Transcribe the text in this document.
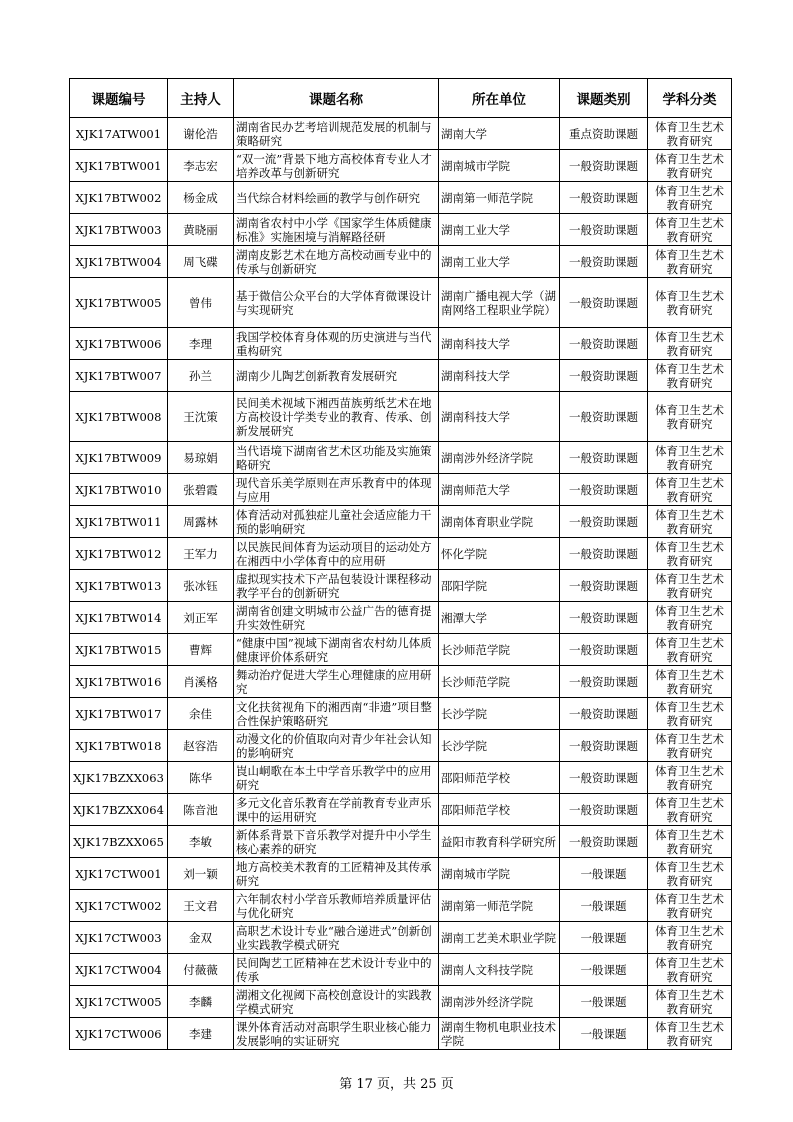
课题编号	主持人	课题名称	所在单位	课题类别	学科分类
XJK17ATW001	谢伦浩	湖南省民办艺考培训规范发展的机制与策略研究	湖南大学	重点资助课题	体育卫生艺术教育研究
XJK17BTW001	李志宏	“双一流”背景下地方高校体育专业人才培养改革与创新研究	湖南城市学院	一般资助课题	体育卫生艺术教育研究
XJK17BTW002	杨金成	当代综合材料绘画的教学与创作研究	湖南第一师范学院	一般资助课题	体育卫生艺术教育研究
XJK17BTW003	黄晓丽	湖南省农村中小学《国家学生体质健康标准》实施困境与消解路径研	湖南工业大学	一般资助课题	体育卫生艺术教育研究
XJK17BTW004	周飞碟	湖南皮影艺术在地方高校动画专业中的传承与创新研究	湖南工业大学	一般资助课题	体育卫生艺术教育研究
XJK17BTW005	曾伟	基于微信公众平台的大学体育微课设计与实现研究	湖南广播电视大学（湖南网络工程职业学院）	一般资助课题	体育卫生艺术教育研究
XJK17BTW006	李理	我国学校体育身体观的历史演进与当代重构研究	湖南科技大学	一般资助课题	体育卫生艺术教育研究
XJK17BTW007	孙兰	湖南少儿陶艺创新教育发展研究	湖南科技大学	一般资助课题	体育卫生艺术教育研究
XJK17BTW008	王沈策	民间美术视域下湘西苗族剪纸艺术在地方高校设计学类专业的教育、传承、创新发展研究	湖南科技大学	一般资助课题	体育卫生艺术教育研究
XJK17BTW009	易琼娟	当代语境下湖南省艺术区功能及实施策略研究	湖南涉外经济学院	一般资助课题	体育卫生艺术教育研究
XJK17BTW010	张碧霞	现代音乐美学原则在声乐教育中的体现与应用	湖南师范大学	一般资助课题	体育卫生艺术教育研究
XJK17BTW011	周露林	体育活动对孤独症儿童社会适应能力干预的影响研究	湖南体育职业学院	一般资助课题	体育卫生艺术教育研究
XJK17BTW012	王军力	以民族民间体育为运动项目的运动处方在湘西中小学体育中的应用研	怀化学院	一般资助课题	体育卫生艺术教育研究
XJK17BTW013	张冰钰	虚拟现实技术下产品包装设计课程移动教学平台的创新研究	邵阳学院	一般资助课题	体育卫生艺术教育研究
XJK17BTW014	刘正军	湖南省创建文明城市公益广告的德育提升实效性研究	湘潭大学	一般资助课题	体育卫生艺术教育研究
XJK17BTW015	曹辉	“健康中国”视域下湖南省农村幼儿体质健康评价体系研究	长沙师范学院	一般资助课题	体育卫生艺术教育研究
XJK17BTW016	肖溪格	舞动治疗促进大学生心理健康的应用研究	长沙师范学院	一般资助课题	体育卫生艺术教育研究
XJK17BTW017	余佳	文化扶贫视角下的湘西南“非遗”项目整合性保护策略研究	长沙学院	一般资助课题	体育卫生艺术教育研究
XJK17BTW018	赵容浩	动漫文化的价值取向对青少年社会认知的影响研究	长沙学院	一般资助课题	体育卫生艺术教育研究
XJK17BZXX063	陈华	崀山峒歌在本土中学音乐教学中的应用研究	邵阳师范学校	一般资助课题	体育卫生艺术教育研究
XJK17BZXX064	陈音池	多元文化音乐教育在学前教育专业声乐课中的运用研究	邵阳师范学校	一般资助课题	体育卫生艺术教育研究
XJK17BZXX065	李敏	新体系背景下音乐教学对提升中小学生核心素养的研究	益阳市教育科学研究所	一般资助课题	体育卫生艺术教育研究
XJK17CTW001	刘一颖	地方高校美术教育的工匠精神及其传承研究	湖南城市学院	一般课题	体育卫生艺术教育研究
XJK17CTW002	王文君	六年制农村小学音乐教师培养质量评估与优化研究	湖南第一师范学院	一般课题	体育卫生艺术教育研究
XJK17CTW003	金双	高职艺术设计专业“融合递进式”创新创业实践教学模式研究	湖南工艺美术职业学院	一般课题	体育卫生艺术教育研究
XJK17CTW004	付薇薇	民间陶艺工匠精神在艺术设计专业中的传承	湖南人文科技学院	一般课题	体育卫生艺术教育研究
XJK17CTW005	李麟	湖湘文化视阈下高校创意设计的实践教学模式研究	湖南涉外经济学院	一般课题	体育卫生艺术教育研究
XJK17CTW006	李建	课外体育活动对高职学生职业核心能力发展影响的实证研究	湖南生物机电职业技术学院	一般课题	体育卫生艺术教育研究
第 17 页，共 25 页
